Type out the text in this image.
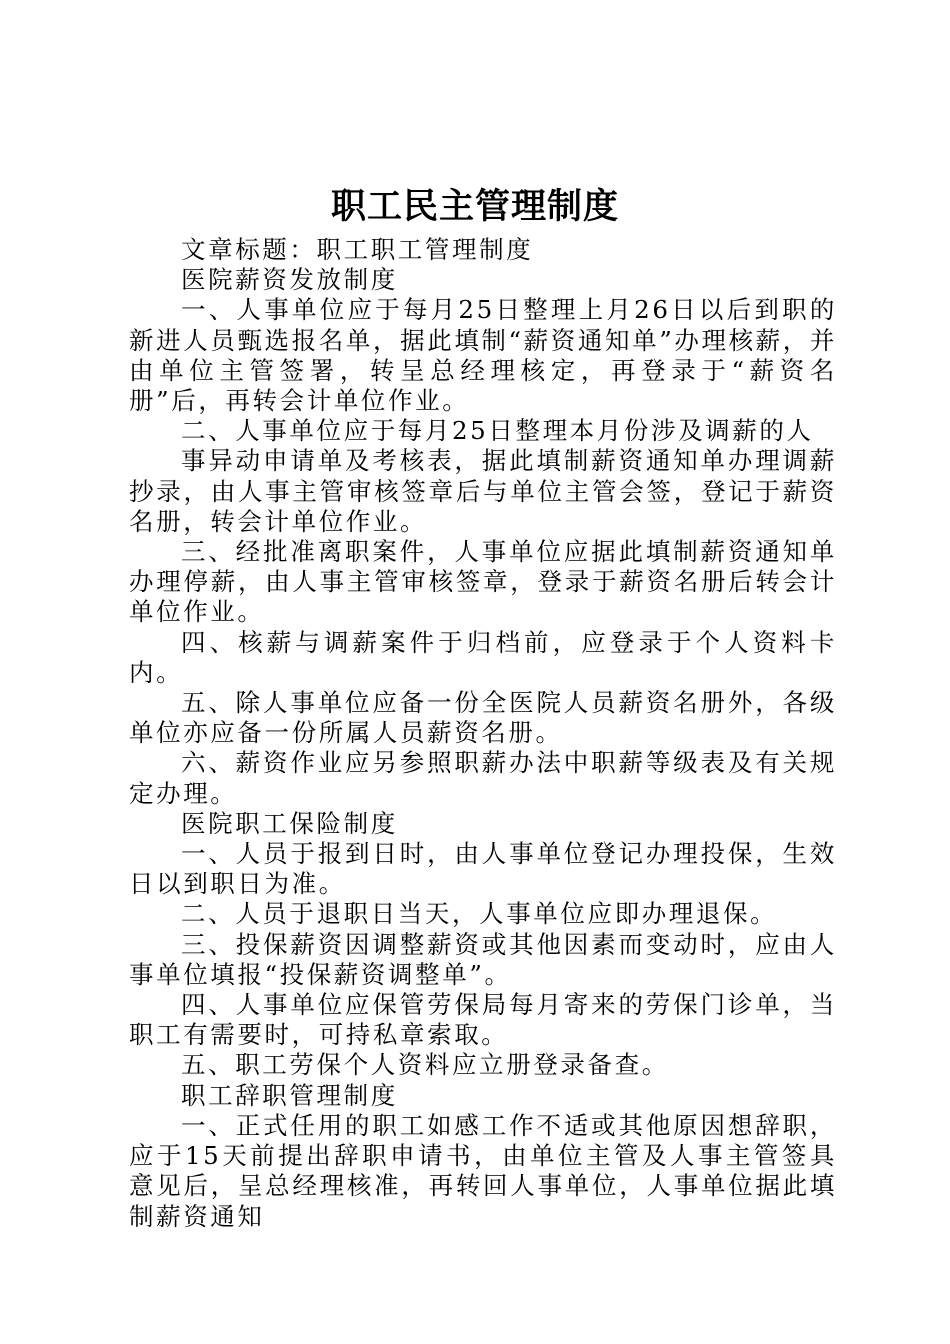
职工民主管理制度

文章标题：职工职工管理制度

医院薪资发放制度

一、人事单位应于每月25日整理上月26日以后到职的新进人员甄选报名单，据此填制“薪资通知单”办理核薪，并由单位主管签署，转呈总经理核定，再登录于“薪资名册”后，再转会计单位作业。

二、人事单位应于每月25日整理本月份涉及调薪的人

事异动申请单及考核表，据此填制薪资通知单办理调薪抄录，由人事主管审核签章后与单位主管会签，登记于薪资名册，转会计单位作业。

三、经批准离职案件，人事单位应据此填制薪资通知单办理停薪，由人事主管审核签章，登录于薪资名册后转会计单位作业。

四、核薪与调薪案件于归档前，应登录于个人资料卡内。

五、除人事单位应备一份全医院人员薪资名册外，各级单位亦应备一份所属人员薪资名册。

六、薪资作业应另参照职薪办法中职薪等级表及有关规定办理。

医院职工保险制度

一、人员于报到日时，由人事单位登记办理投保，生效日以到职日为准。

二、人员于退职日当天，人事单位应即办理退保。

三、投保薪资因调整薪资或其他因素而变动时，应由人事单位填报“投保薪资调整单”。

四、人事单位应保管劳保局每月寄来的劳保门诊单，当职工有需要时，可持私章索取。

五、职工劳保个人资料应立册登录备查。

职工辞职管理制度

一、正式任用的职工如感工作不适或其他原因想辞职，应于15天前提出辞职申请书，由单位主管及人事主管签具意见后，呈总经理核准，再转回人事单位，人事单位据此填制薪资通知
